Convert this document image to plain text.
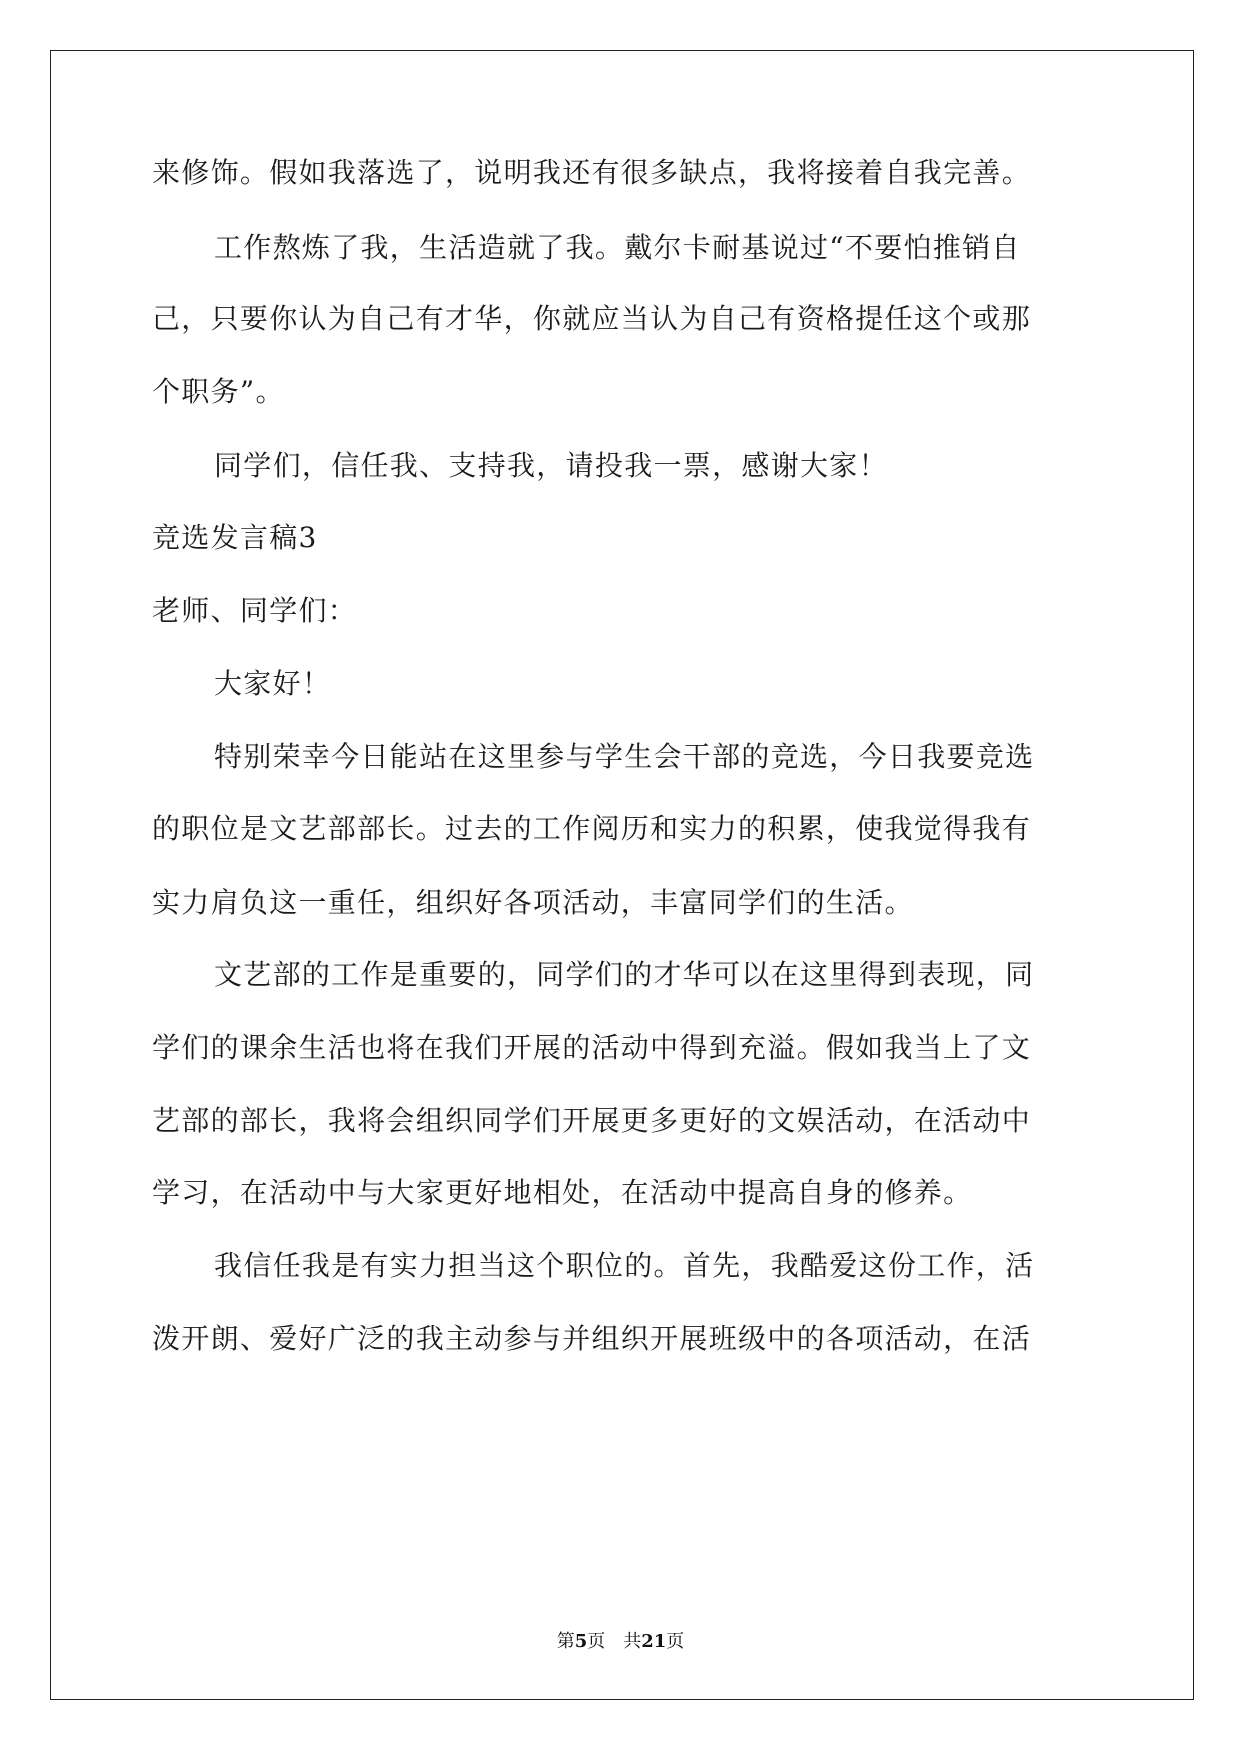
来修饰。假如我落选了，说明我还有很多缺点，我将接着自我完善。
工作熬炼了我，生活造就了我。戴尔卡耐基说过“不要怕推销自
己，只要你认为自己有才华，你就应当认为自己有资格提任这个或那
个职务”。
同学们，信任我、支持我，请投我一票，感谢大家！
竞选发言稿3
老师、同学们：
大家好！
特别荣幸今日能站在这里参与学生会干部的竞选，今日我要竞选
的职位是文艺部部长。过去的工作阅历和实力的积累，使我觉得我有
实力肩负这一重任，组织好各项活动，丰富同学们的生活。
文艺部的工作是重要的，同学们的才华可以在这里得到表现，同
学们的课余生活也将在我们开展的活动中得到充溢。假如我当上了文
艺部的部长，我将会组织同学们开展更多更好的文娱活动，在活动中
学习，在活动中与大家更好地相处，在活动中提高自身的修养。
我信任我是有实力担当这个职位的。首先，我酷爱这份工作，活
泼开朗、爱好广泛的我主动参与并组织开展班级中的各项活动，在活
第5页　共21页
